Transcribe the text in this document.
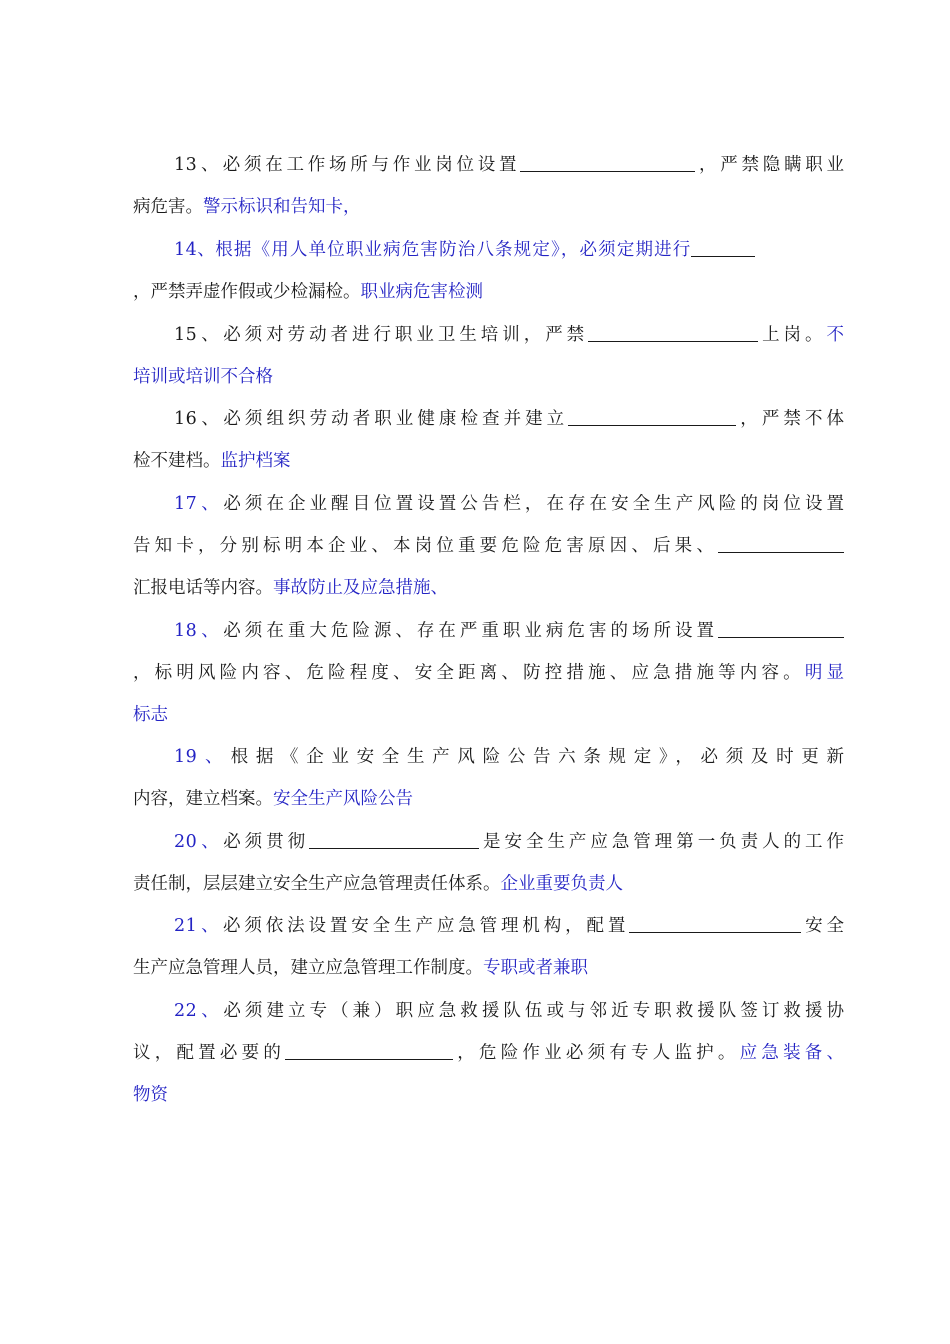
13、必须在工作场所与作业岗位设置	，严禁隐瞒职业
病危害。警示标识和告知卡，
14、根据《用人单位职业病危害防治八条规定》，必须定期进行
，严禁弄虚作假或少检漏检。职业病危害检测
15、必须对劳动者进行职业卫生培训，严禁	上岗。不
培训或培训不合格
16、必须组织劳动者职业健康检查并建立	，严禁不体
检不建档。监护档案
17、必须在企业醒目位置设置公告栏，在存在安全生产风险的岗位设置
告知卡，分别标明本企业、本岗位重要危险危害原因、后果、
汇报电话等内容。事故防止及应急措施、
18、必须在重大危险源、存在严重职业病危害的场所设置
，标明风险内容、危险程度、安全距离、防控措施、应急措施等内容。明显
标志
19、根据《企业安全生产风险公告六条规定》，必须及时更新
内容，建立档案。安全生产风险公告
20、必须贯彻	是安全生产应急管理第一负责人的工作
责任制，层层建立安全生产应急管理责任体系。企业重要负责人
21、必须依法设置安全生产应急管理机构，配置	安全
生产应急管理人员，建立应急管理工作制度。专职或者兼职
22、必须建立专（兼）职应急救援队伍或与邻近专职救援队签订救援协
议，配置必要的	，危险作业必须有专人监护。应急装备、
物资
